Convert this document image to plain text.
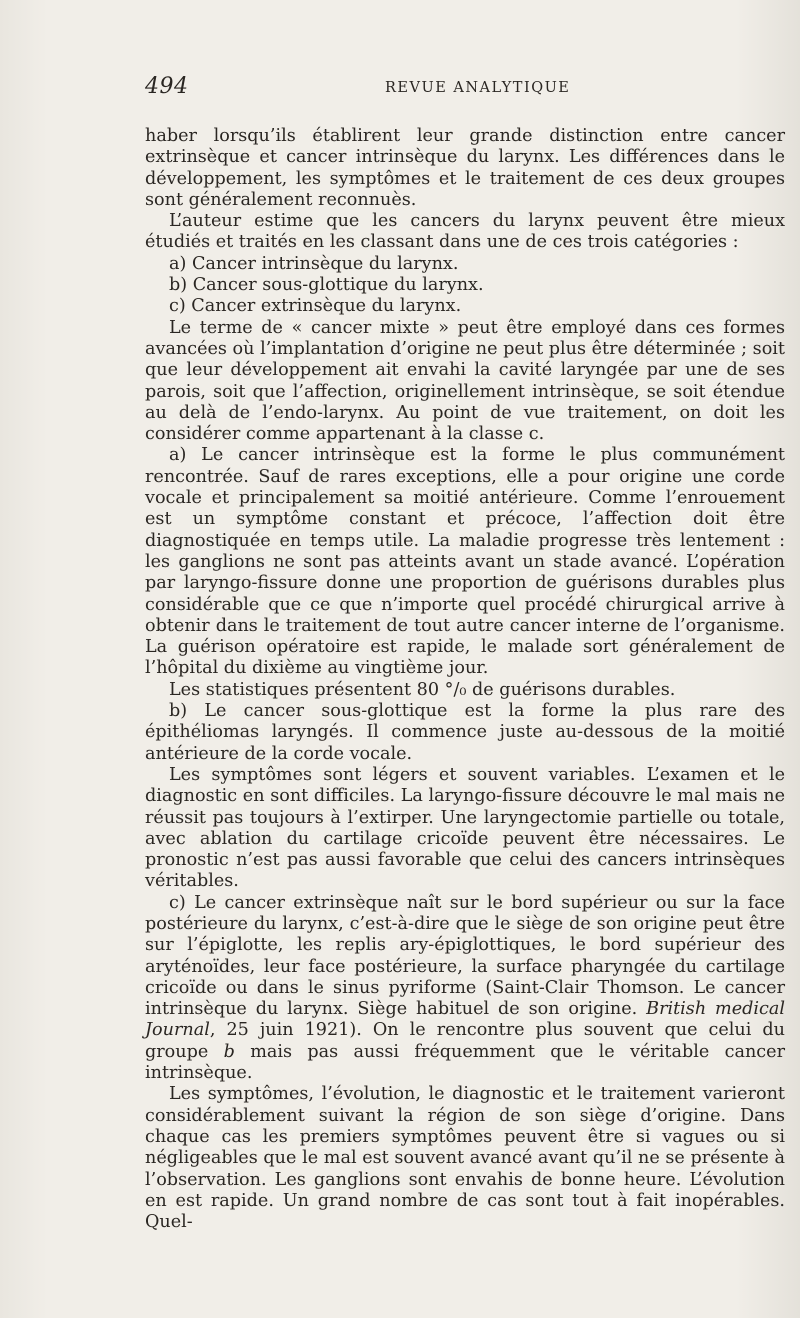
494	REVUE ANALYTIQUE

haber lorsqu’ils établirent leur grande distinction entre cancer extrinsèque et cancer intrinsèque du larynx. Les différences dans le développement, les symptômes et le traitement de ces deux groupes sont généralement reconnuès.

L’auteur estime que les cancers du larynx peuvent être mieux étudiés et traités en les classant dans une de ces trois catégories :

a) Cancer intrinsèque du larynx.

b) Cancer sous-glottique du larynx.

c) Cancer extrinsèque du larynx.

Le terme de « cancer mixte » peut être employé dans ces formes avancées où l’implantation d’origine ne peut plus être déterminée ; soit que leur développement ait envahi la cavité laryngée par une de ses parois, soit que l’affection, originellement intrinsèque, se soit étendue au delà de l’endo-larynx. Au point de vue traitement, on doit les considérer comme appartenant à la classe c.

a) Le cancer intrinsèque est la forme le plus communément rencontrée. Sauf de rares exceptions, elle a pour origine une corde vocale et principalement sa moitié antérieure. Comme l’enrouement est un symptôme constant et précoce, l’affection doit être diagnostiquée en temps utile. La maladie progresse très lentement : les ganglions ne sont pas atteints avant un stade avancé. L’opération par laryngo-fissure donne une proportion de guérisons durables plus considérable que ce que n’importe quel procédé chirurgical arrive à obtenir dans le traitement de tout autre cancer interne de l’organisme. La guérison opératoire est rapide, le malade sort généralement de l’hôpital du dixième au vingtième jour.

Les statistiques présentent 80 °/₀ de guérisons durables.

b) Le cancer sous-glottique est la forme la plus rare des épithéliomas laryngés. Il commence juste au-dessous de la moitié antérieure de la corde vocale.

Les symptômes sont légers et souvent variables. L’examen et le diagnostic en sont difficiles. La laryngo-fissure découvre le mal mais ne réussit pas toujours à l’extirper. Une laryngectomie partielle ou totale, avec ablation du cartilage cricoïde peuvent être nécessaires. Le pronostic n’est pas aussi favorable que celui des cancers intrinsèques véritables.

c) Le cancer extrinsèque naît sur le bord supérieur ou sur la face postérieure du larynx, c’est-à-dire que le siège de son origine peut être sur l’épiglotte, les replis ary-épiglottiques, le bord supérieur des aryténoïdes, leur face postérieure, la surface pharyngée du cartilage cricoïde ou dans le sinus pyriforme (Saint-Clair Thomson. Le cancer intrinsèque du larynx. Siège habituel de son origine. British medical Journal, 25 juin 1921). On le rencontre plus souvent que celui du groupe b mais pas aussi fréquemment que le véritable cancer intrinsèque.

Les symptômes, l’évolution, le diagnostic et le traitement varieront considérablement suivant la région de son siège d’origine. Dans chaque cas les premiers symptômes peuvent être si vagues ou si négligeables que le mal est souvent avancé avant qu’il ne se présente à l’observation. Les ganglions sont envahis de bonne heure. L’évolution en est rapide. Un grand nombre de cas sont tout à fait inopérables. Quel-
